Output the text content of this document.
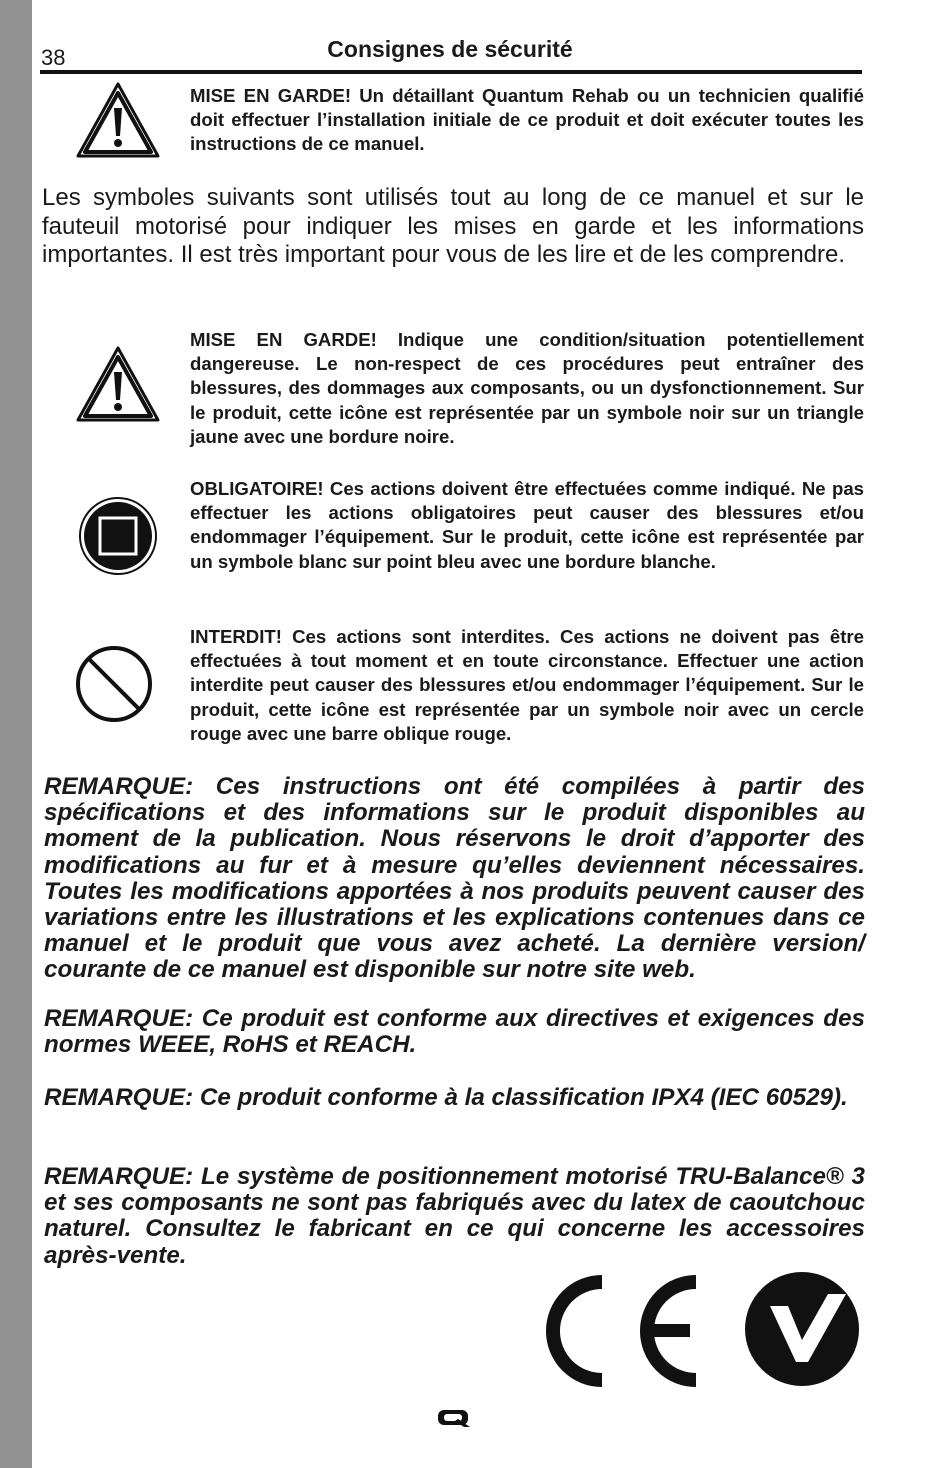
38	Consignes de sécurité
MISE EN GARDE! Un détaillant Quantum Rehab ou un technicien qualifié doit effectuer l’installation initiale de ce produit et doit exécuter toutes les instructions de ce manuel.
Les symboles suivants sont utilisés tout au long de ce manuel et sur le fauteuil motorisé pour indiquer les mises en garde et les informations importantes. Il est très important pour vous de les lire et de les comprendre.
MISE EN GARDE! Indique une condition/situation potentiellement dangereuse. Le non-respect de ces procédures peut entraîner des blessures, des dommages aux composants, ou un dysfonctionnement. Sur le produit, cette icône est représentée par un symbole noir sur un triangle jaune avec une bordure noire.
OBLIGATOIRE! Ces actions doivent être effectuées comme indiqué. Ne pas effectuer les actions obligatoires peut causer des blessures et/ou endommager l’équipement. Sur le produit, cette icône est représentée par un symbole blanc sur point bleu avec une bordure blanche.
INTERDIT! Ces actions sont interdites. Ces actions ne doivent pas être effectuées à tout moment et en toute circonstance. Effectuer une action interdite peut causer des blessures et/ou endommager l’équipement. Sur le produit, cette icône est représentée par un symbole noir avec un cercle rouge avec une barre oblique rouge.
REMARQUE: Ces instructions ont été compilées à partir des spécifications et des informations sur le produit disponibles au moment de la publication. Nous réservons le droit d’apporter des modifications au fur et à mesure qu’elles deviennent nécessaires. Toutes les modifications apportées à nos produits peuvent causer des variations entre les illustrations et les explications contenues dans ce manuel et le produit que vous avez acheté. La dernière version/ courante de ce manuel est disponible sur notre site web.
REMARQUE: Ce produit est conforme aux directives et exigences des normes WEEE, RoHS et REACH.
REMARQUE: Ce produit conforme à la classification IPX4 (IEC 60529).
REMARQUE: Le système de positionnement motorisé TRU-Balance® 3 et ses composants ne sont pas fabriqués avec du latex de caoutchouc naturel. Consultez le fabricant en ce qui concerne les accessoires après-vente.
